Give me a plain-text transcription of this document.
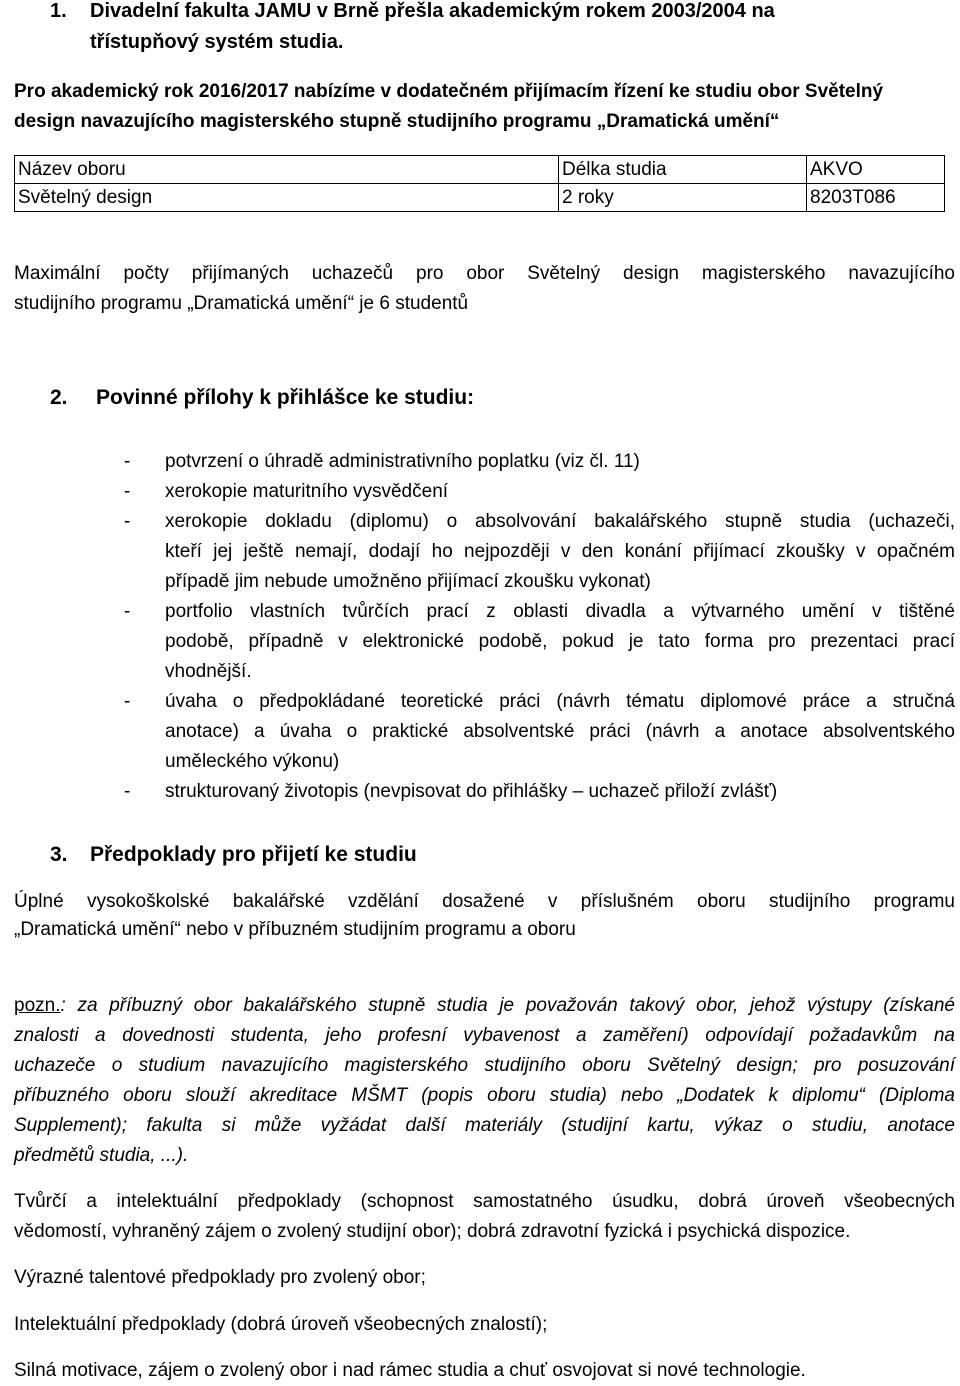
1. Divadelní fakulta JAMU v Brně přešla akademickým rokem 2003/2004 na
třístupňový systém studia.
Pro akademický rok 2016/2017 nabízíme v dodatečném přijímacím řízení ke studiu obor Světelný
design navazujícího magisterského stupně studijního programu „Dramatická umění“
Název oboru	Délka studia	AKVO
Světelný design	2 roky	8203T086
Maximální počty přijímaných uchazečů pro obor Světelný design magisterského navazujícího
studijního programu „Dramatická umění“ je 6 studentů
2. Povinné přílohy k přihlášce ke studiu:
- potvrzení o úhradě administrativního poplatku (viz čl. 11)
- xerokopie maturitního vysvědčení
- xerokopie dokladu (diplomu) o absolvování bakalářského stupně studia (uchazeči,
kteří jej ještě nemají, dodají ho nejpozději v den konání přijímací zkoušky v opačném
případě jim nebude umožněno přijímací zkoušku vykonat)
- portfolio vlastních tvůrčích prací z oblasti divadla a výtvarného umění v tištěné
podobě, případně v elektronické podobě, pokud je tato forma pro prezentaci prací
vhodnější.
- úvaha o předpokládané teoretické práci (návrh tématu diplomové práce a stručná
anotace) a úvaha o praktické absolventské práci (návrh a anotace absolventského
uměleckého výkonu)
- strukturovaný životopis (nevpisovat do přihlášky – uchazeč přiloží zvlášť)
3. Předpoklady pro přijetí ke studiu
Úplné vysokoškolské bakalářské vzdělání dosažené v příslušném oboru studijního programu
„Dramatická umění“ nebo v příbuzném studijním programu a oboru
pozn.: za příbuzný obor bakalářského stupně studia je považován takový obor, jehož výstupy (získané
znalosti a dovednosti studenta, jeho profesní vybavenost a zaměření) odpovídají požadavkům na
uchazeče o studium navazujícího magisterského studijního oboru Světelný design; pro posuzování
příbuzného oboru slouží akreditace MŠMT (popis oboru studia) nebo „Dodatek k diplomu“ (Diploma
Supplement); fakulta si může vyžádat další materiály (studijní kartu, výkaz o studiu, anotace
předmětů studia, ...).
Tvůrčí a intelektuální předpoklady (schopnost samostatného úsudku, dobrá úroveň všeobecných
vědomostí, vyhraněný zájem o zvolený studijní obor); dobrá zdravotní fyzická i psychická dispozice.
Výrazné talentové předpoklady pro zvolený obor;
Intelektuální předpoklady (dobrá úroveň všeobecných znalostí);
Silná motivace, zájem o zvolený obor i nad rámec studia a chuť osvojovat si nové technologie.
